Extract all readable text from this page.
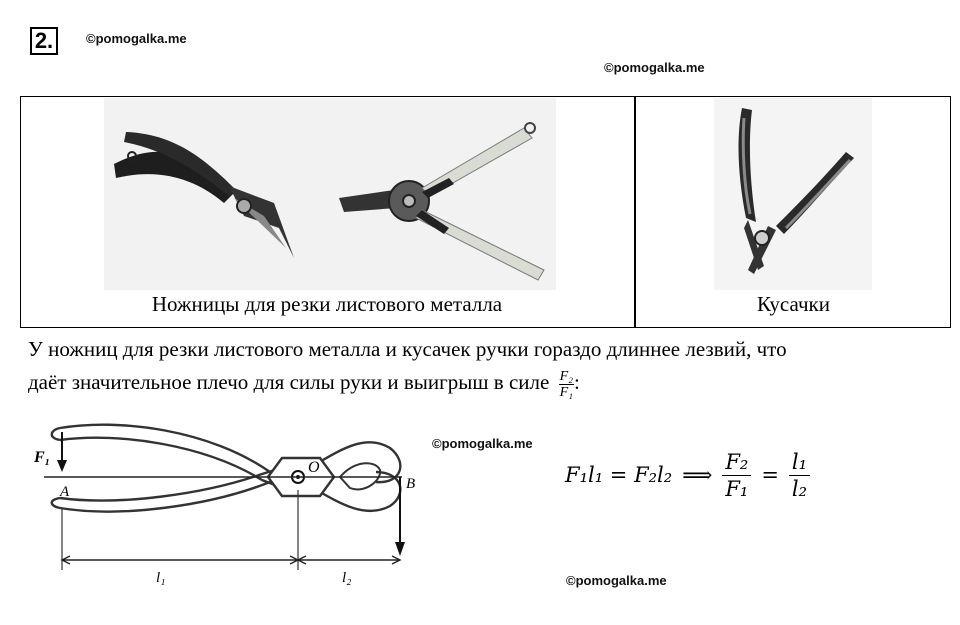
2.	©pomogalka.me
©pomogalka.me
Ножницы для резки листового металла	Кусачки
У ножниц для резки листового металла и кусачек ручки гораздо длиннее лезвий, что
даёт значительное плечо для силы руки и выигрыш в силе $\frac{\text{F₂}}{\text{F₁}}$ :
F₁
A
O
B
l₁	l₂
©pomogalka.me
©pomogalka.me
F₁l₁ = F₂l₂ ⟹ $\frac{\text{F₂}}{\text{F₁}} = \frac{\text{l₁}}{\text{l₂}}$
